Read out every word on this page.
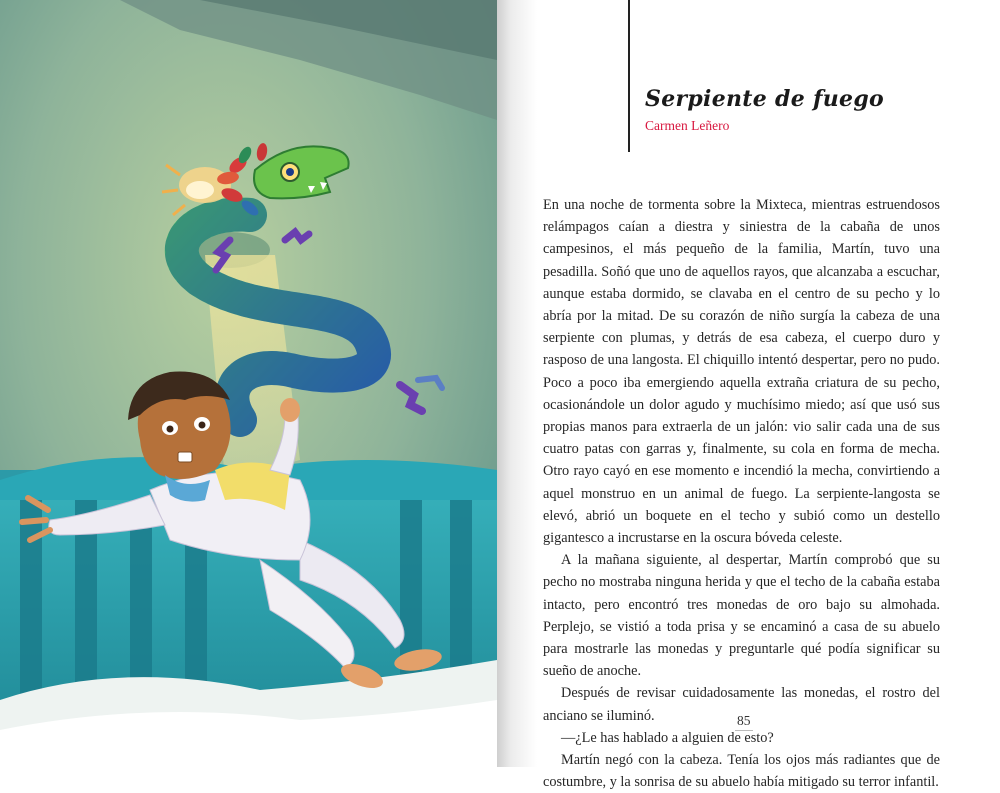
Serpiente de fuego
Carmen Leñero

En una noche de tormenta sobre la Mixteca, mientras estruendosos relámpagos caían a diestra y siniestra de la cabaña de unos campesinos, el más pequeño de la familia, Martín, tuvo una pesadilla. Soñó que uno de aquellos rayos, que alcanzaba a escuchar, aunque estaba dormido, se clavaba en el centro de su pecho y lo abría por la mitad. De su corazón de niño surgía la cabeza de una serpiente con plumas, y detrás de esa cabeza, el cuerpo duro y rasposo de una langosta. El chiquillo intentó despertar, pero no pudo. Poco a poco iba emergiendo aquella extraña criatura de su pecho, ocasionándole un dolor agudo y muchísimo miedo; así que usó sus propias manos para extraerla de un jalón: vio salir cada una de sus cuatro patas con garras y, finalmente, su cola en forma de mecha. Otro rayo cayó en ese momento e incendió la mecha, convirtiendo a aquel monstruo en un animal de fuego. La serpiente-langosta se elevó, abrió un boquete en el techo y subió como un destello gigantesco a incrustarse en la oscura bóveda celeste.

A la mañana siguiente, al despertar, Martín comprobó que su pecho no mostraba ninguna herida y que el techo de la cabaña estaba intacto, pero encontró tres monedas de oro bajo su almohada. Perplejo, se vistió a toda prisa y se encaminó a casa de su abuelo para mostrarle las monedas y preguntarle qué podía significar su sueño de anoche.

Después de revisar cuidadosamente las monedas, el rostro del anciano se iluminó.

—¿Le has hablado a alguien de esto?

Martín negó con la cabeza. Tenía los ojos más radiantes que de costumbre, y la sonrisa de su abuelo había mitigado su terror infantil.

85
